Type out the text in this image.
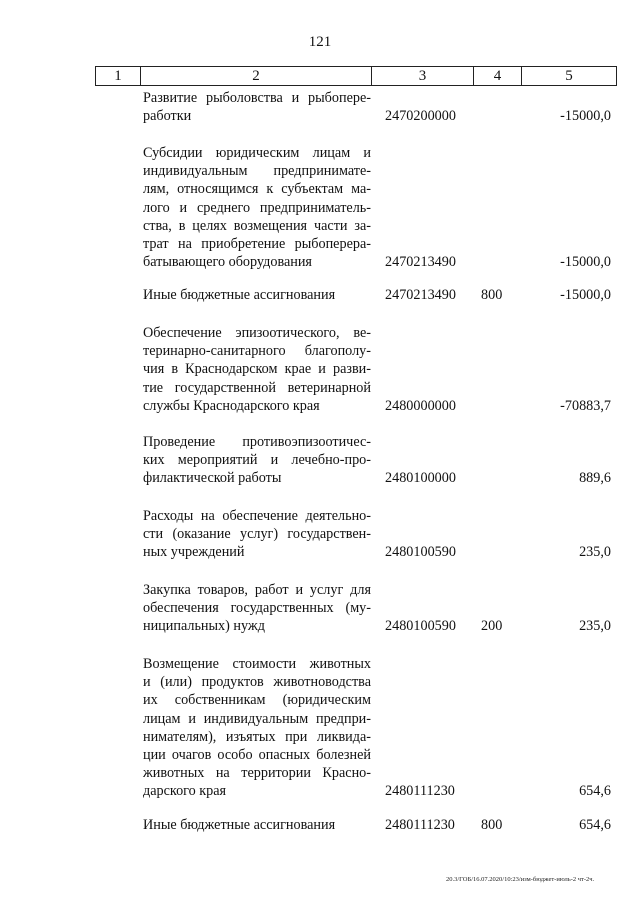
121
1	2	3	4	5
Развитие рыболовства и рыбопере-
работки	2470200000	-15000,0
Субсидии юридическим лицам и
индивидуальным предпринимате-
лям, относящимся к субъектам ма-
лого и среднего предприниматель-
ства, в целях возмещения части за-
трат на приобретение рыбоперера-
батывающего оборудования	2470213490	-15000,0
Иные бюджетные ассигнования	2470213490 800	-15000,0
Обеспечение эпизоотического, ве-
теринарно-санитарного благополу-
чия в Краснодарском крае и разви-
тие государственной ветеринарной
службы Краснодарского края	2480000000	-70883,7
Проведение противоэпизоотичес-
ких мероприятий и лечебно-про-
филактической работы	2480100000	889,6
Расходы на обеспечение деятельно-
сти (оказание услуг) государствен-
ных учреждений	2480100590	235,0
Закупка товаров, работ и услуг для
обеспечения государственных (му-
ниципальных) нужд	2480100590 200	235,0
Возмещение стоимости животных
и (или) продуктов животноводства
их собственникам (юридическим
лицам и индивидуальным предпри-
нимателям), изъятых при ликвида-
ции очагов особо опасных болезней
животных на территории Красно-
дарского края	2480111230	654,6
Иные бюджетные ассигнования	2480111230 800	654,6
20.3/ГОБ/16.07.2020/10:23/изм-бюджет-июль-2 чт-2ч.
